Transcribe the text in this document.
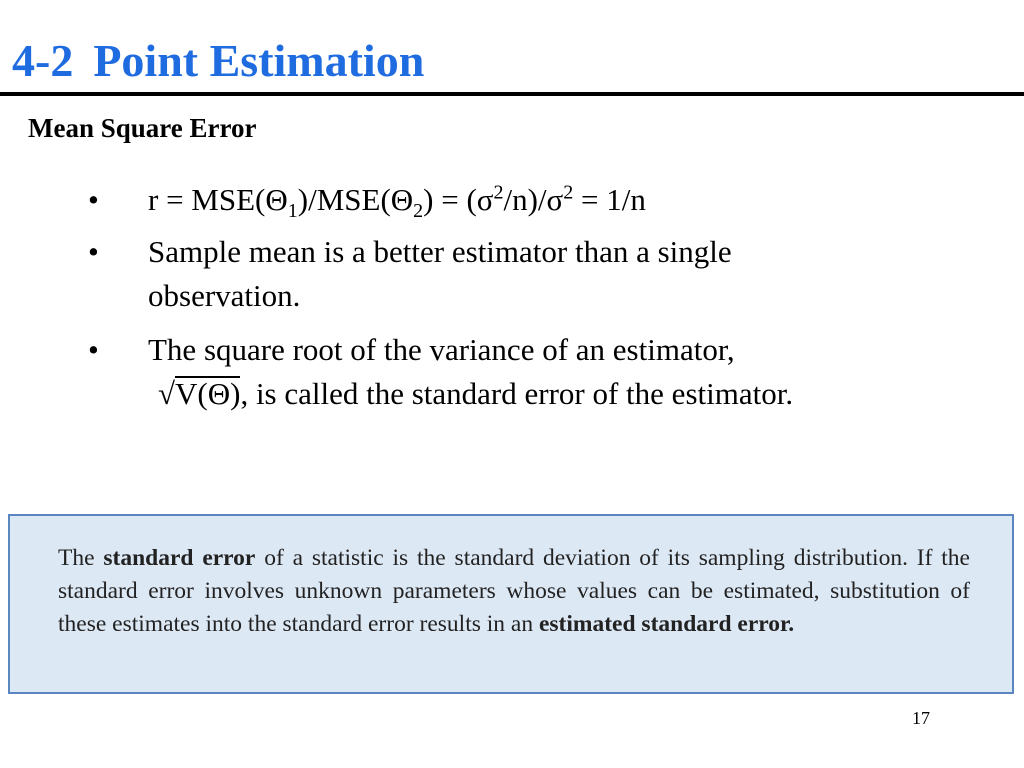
4-2 Point Estimation
Mean Square Error
• $r = MSE(\Theta_1)/MSE(\Theta_2) = (\sigma^2/n)/\sigma^2 = 1/n$
• Sample mean is a better estimator than a single
observation.
• The square root of the variance of an estimator,
√V(Θ), is called the standard error of the estimator.

The standard error of a statistic is the standard deviation of its sampling distribution. If the standard error involves unknown parameters whose values can be estimated, substitution of these estimates into the standard error results in an estimated standard error.

17
